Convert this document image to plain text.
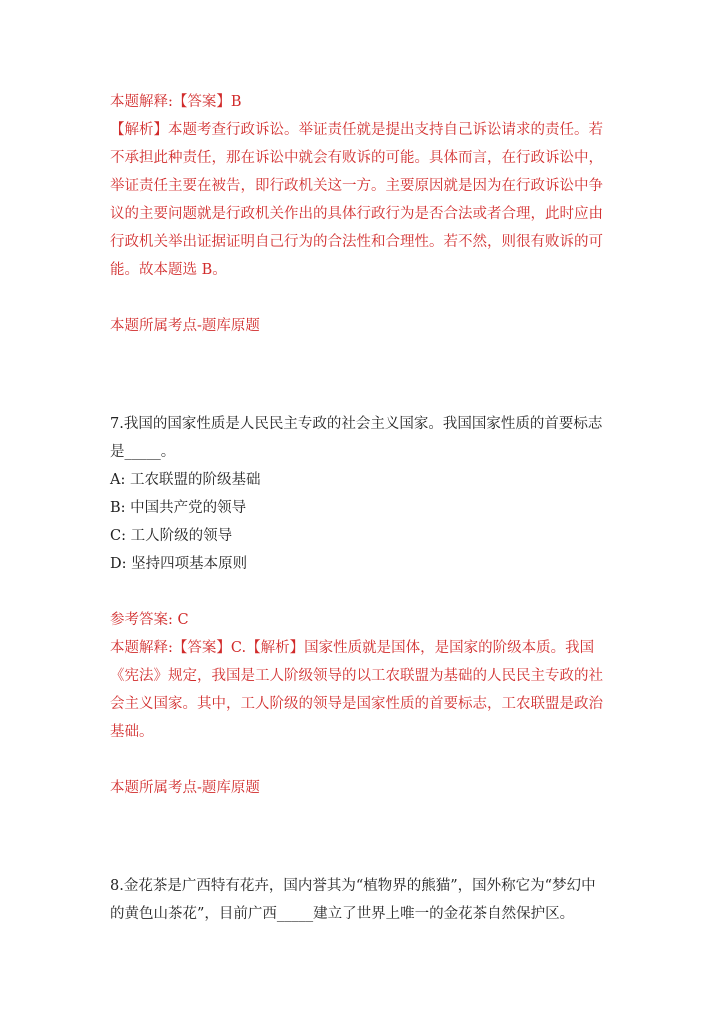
本题解释:【答案】B

【解析】本题考查行政诉讼。举证责任就是提出支持自己诉讼请求的责任。若

不承担此种责任，那在诉讼中就会有败诉的可能。具体而言，在行政诉讼中，

举证责任主要在被告，即行政机关这一方。主要原因就是因为在行政诉讼中争

议的主要问题就是行政机关作出的具体行政行为是否合法或者合理，此时应由

行政机关举出证据证明自己行为的合法性和合理性。若不然，则很有败诉的可

能。故本题选 B。

本题所属考点-题库原题

7.我国的国家性质是人民民主专政的社会主义国家。我国国家性质的首要标志

是_____。

A: 工农联盟的阶级基础

B: 中国共产党的领导

C: 工人阶级的领导

D: 坚持四项基本原则

参考答案: C

本题解释:【答案】C.【解析】国家性质就是国体，是国家的阶级本质。我国

《宪法》规定，我国是工人阶级领导的以工农联盟为基础的人民民主专政的社

会主义国家。其中，工人阶级的领导是国家性质的首要标志，工农联盟是政治

基础。

本题所属考点-题库原题

8.金花茶是广西特有花卉，国内誉其为“植物界的熊猫”，国外称它为“梦幻中

的黄色山茶花”，目前广西_____建立了世界上唯一的金花茶自然保护区。
